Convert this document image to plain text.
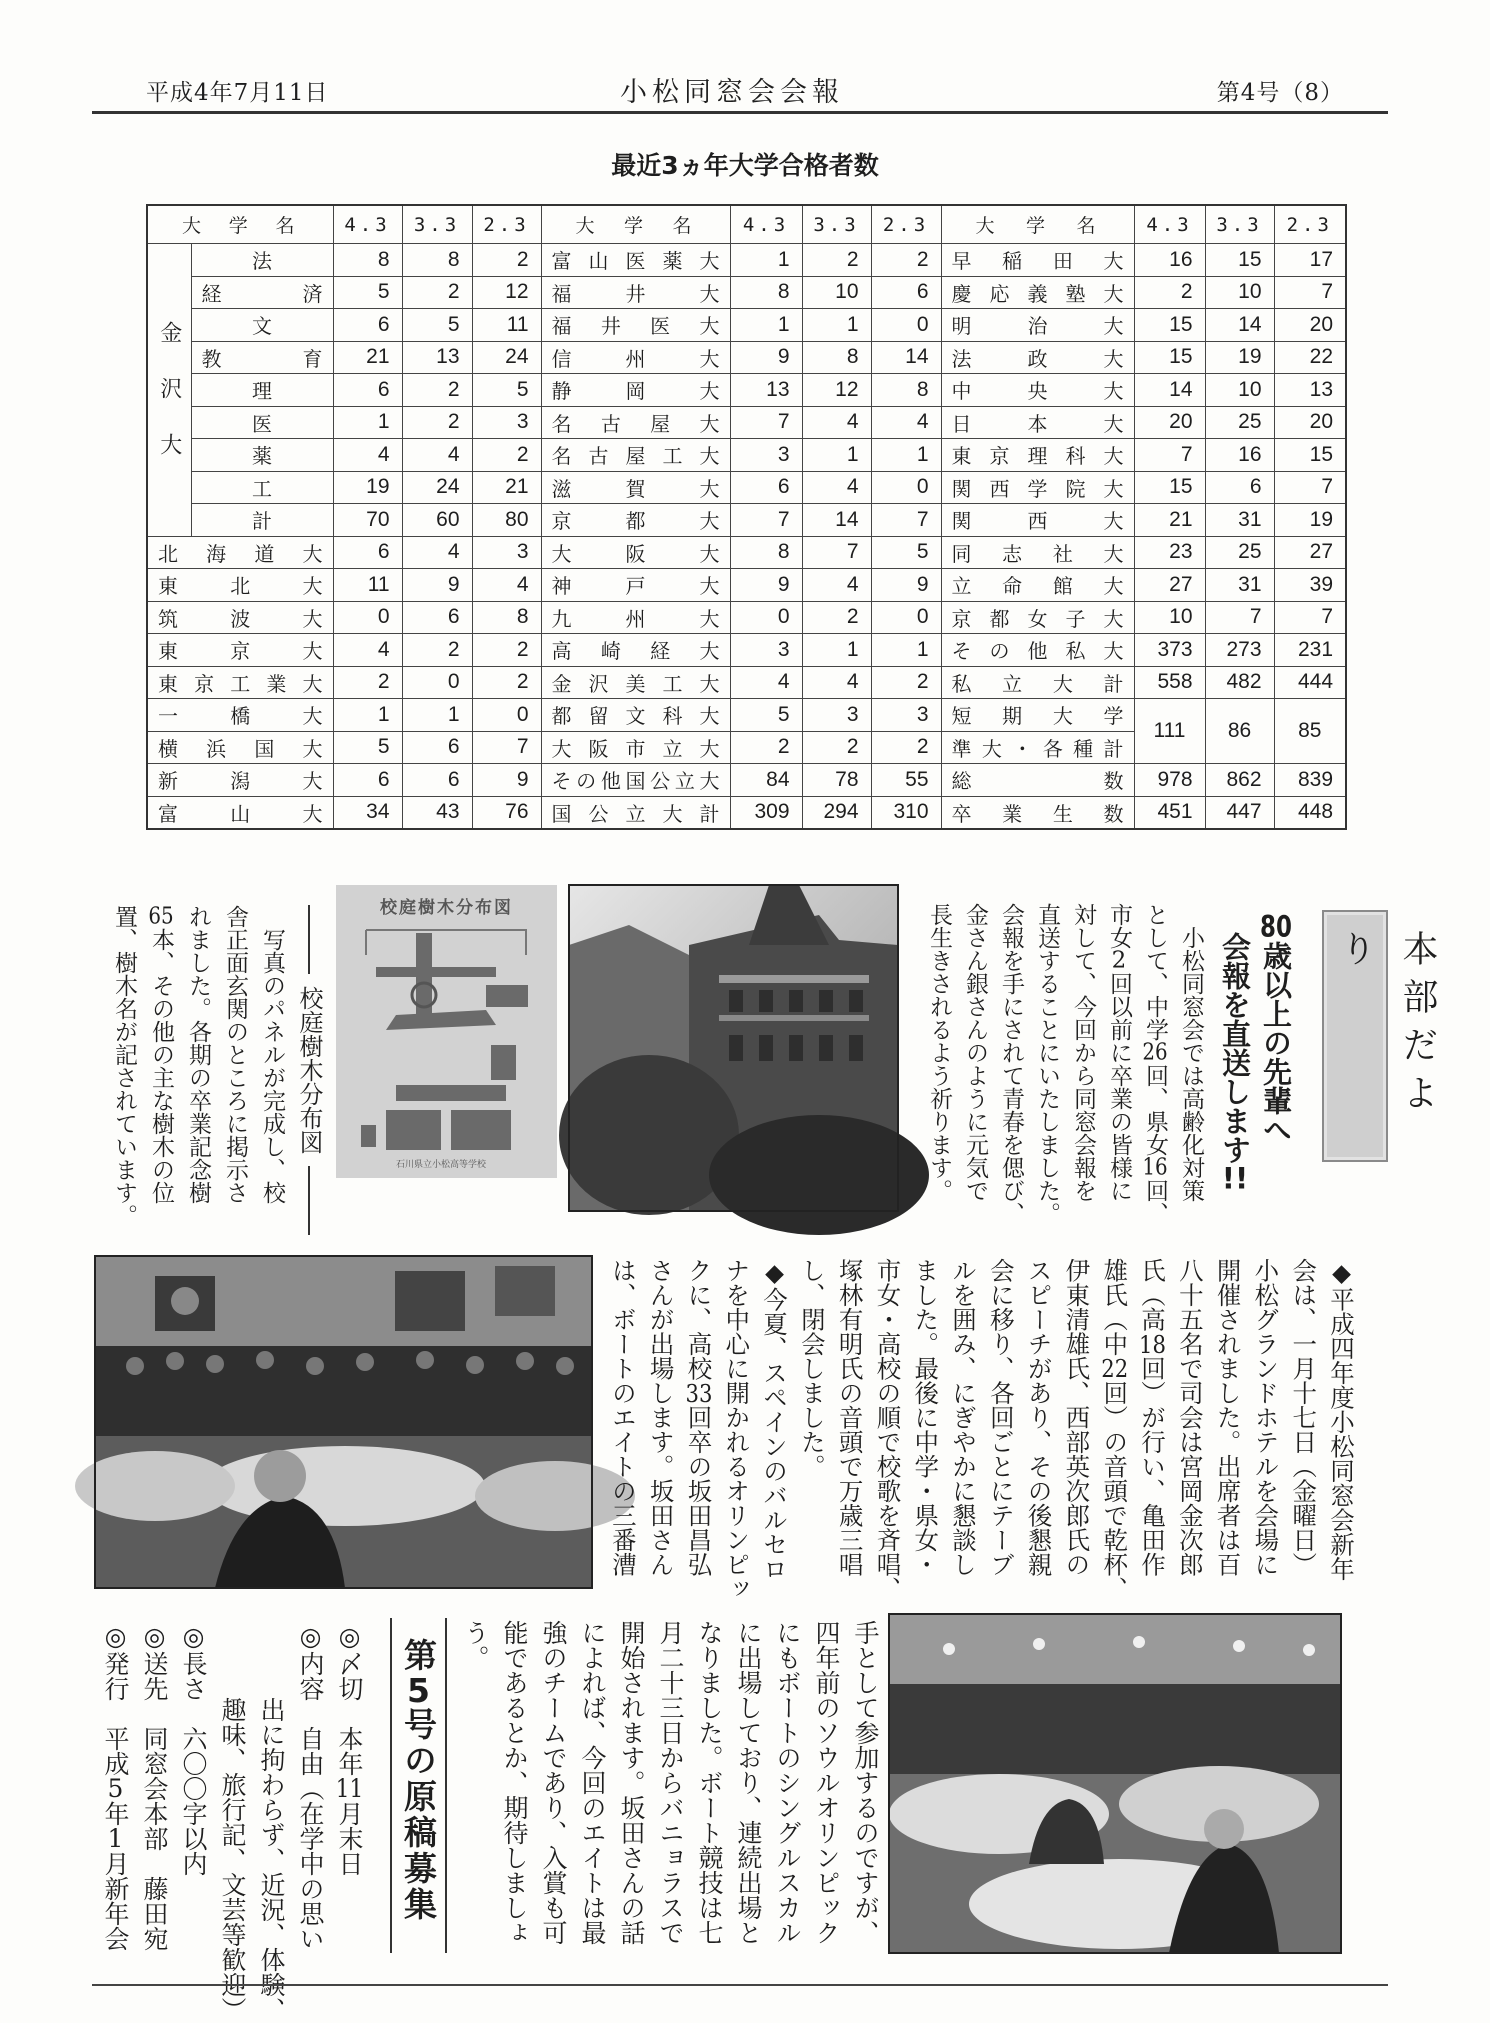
平成4年7月11日	小松同窓会会報	第4号（8）
最近3ヵ年大学合格者数
大学名		4.3	3.3	2.3	大学名	4.3	3.3	2.3	大学名	4.3	3.3	2.3
金沢大	法	8	8	2	富山医薬大	1	2	2	早稲田大	16	15	17
	経済	5	2	12	福井大	8	10	6	慶応義塾大	2	10	7
	文	6	5	11	福井医大	1	1	0	明治大	15	14	20
	教育	21	13	24	信州大	9	8	14	法政大	15	19	22
	理	6	2	5	静岡大	13	12	8	中央大	14	10	13
	医	1	2	3	名古屋大	7	4	4	日本大	20	25	20
	薬	4	4	2	名古屋工大	3	1	1	東京理科大	7	16	15
	工	19	24	21	滋賀大	6	4	0	関西学院大	15	6	7
	計	70	60	80	京都大	7	14	7	関西大	21	31	19
北海道大		6	4	3	大阪大	8	7	5	同志社大	23	25	27
東北大		11	9	4	神戸大	9	4	9	立命館大	27	31	39
筑波大		0	6	8	九州大	0	2	0	京都女子大	10	7	7
東京大		4	2	2	高崎経大	3	1	1	その他私大	373	273	231
東京工業大		2	0	2	金沢美工大	4	4	2	私立大計	558	482	444
一橋大		1	1	0	都留文科大	5	3	3	短期大学	111	86	85
横浜国大		5	6	7	大阪市立大	2	2	2	準大・各種計			
新潟大		6	6	9	その他国公立大	84	78	55	総数	978	862	839
富山大		34	43	76	国公立大計	309	294	310	卒業生数	451	447	448
本部だより
80歳以上の先輩へ
会報を直送します!!
　小松同窓会では高齢化対策
として、中学26回、県女16回、
市女2回以前に卒業の皆様に
対して、今回から同窓会報を
直送することにいたしました。
会報を手にされて青春を偲び、
金さん銀さんのように元気で
長生きされるよう祈ります。
校庭樹木分布図
石川県立小松高等学校
校庭樹木分布図
　写真のパネルが完成し、校
舎正面玄関のところに掲示さ
れました。各期の卒業記念樹
65本、その他の主な樹木の位
置、樹木名が記されています。
◆平成四年度小松同窓会新年
会は、一月十七日（金曜日）
小松グランドホテルを会場に
開催されました。出席者は百
八十五名で司会は宮岡金次郎
氏（高18回）が行い、亀田作
雄氏（中22回）の音頭で乾杯、
伊東清雄氏、西部英次郎氏の
スピーチがあり、その後懇親
会に移り、各回ごとにテーブ
ルを囲み、にぎやかに懇談し
ました。最後に中学・県女・
市女・高校の順で校歌を斉唱、
塚林有明氏の音頭で万歳三唱
し、閉会しました。
◆今夏、スペインのバルセロ
ナを中心に開かれるオリンピッ
クに、高校33回卒の坂田昌弘
さんが出場します。坂田さん
は、ボートのエイトの三番漕
手として参加するのですが、
四年前のソウルオリンピック
にもボートのシングルスカル
に出場しており、連続出場と
なりました。ボート競技は七
月二十三日からバニョラスで
開始されます。坂田さんの話
によれば、今回のエイトは最
強のチームであり、入賞も可
能であるとか、期待しましょ
う。
第5号の原稿募集
◎〆切　本年11月末日
◎内容　自由（在学中の思い
　　　出に拘わらず、近況、体験、
　　　趣味、旅行記、文芸等歓迎）
◎長さ　六〇〇字以内
◎送先　同窓会本部　藤田宛
◎発行　平成5年1月新年会
